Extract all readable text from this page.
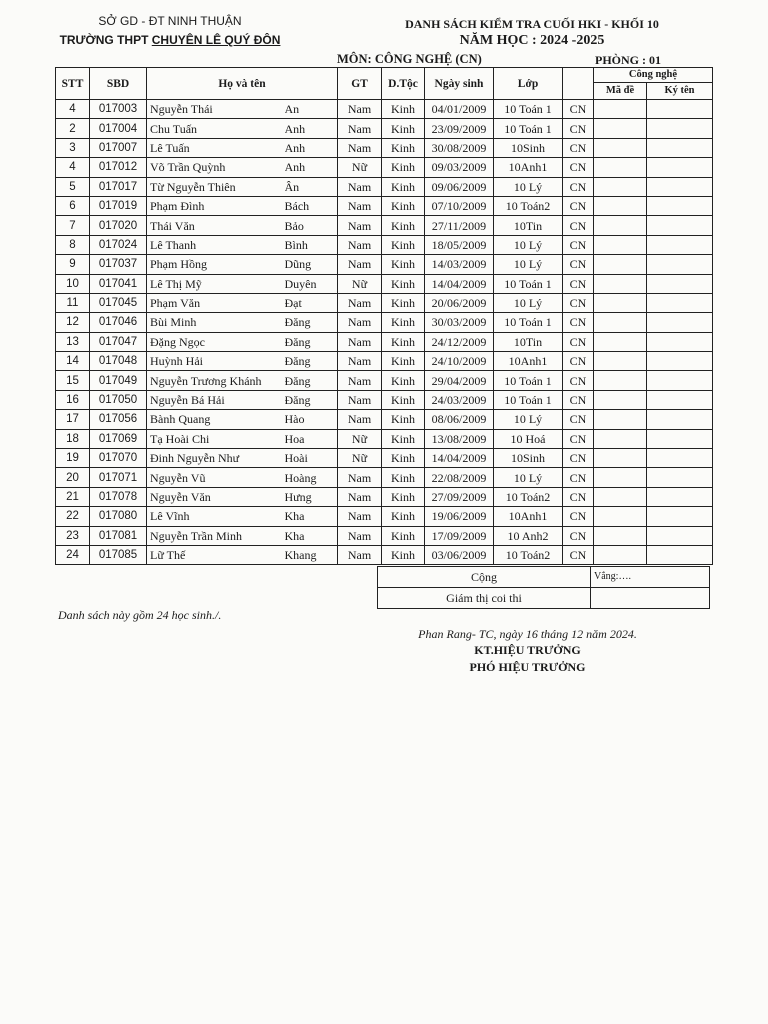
SỞ GD - ĐT NINH THUẬN
TRƯỜNG THPT CHUYÊN LÊ QUÝ ĐÔN
DANH SÁCH KIỂM TRA CUỐI HKI - KHỐI 10
NĂM HỌC : 2024 -2025
MÔN: CÔNG NGHỆ (CN)	PHÒNG : 01
STT	SBD	Họ và tên		GT	D.Tộc	Ngày sinh	Lớp		Công nghệ	
									Mã đề	Ký tên
4	017003	Nguyễn Thái	An	Nam	Kinh	04/01/2009	10 Toán 1	CN		
2	017004	Chu Tuấn	Anh	Nam	Kinh	23/09/2009	10 Toán 1	CN		
3	017007	Lê Tuấn	Anh	Nam	Kinh	30/08/2009	10Sinh	CN		
4	017012	Võ Trần Quỳnh	Anh	Nữ	Kinh	09/03/2009	10Anh1	CN		
5	017017	Từ Nguyễn Thiên	Ân	Nam	Kinh	09/06/2009	10 Lý	CN		
6	017019	Phạm Đình	Bách	Nam	Kinh	07/10/2009	10 Toán2	CN		
7	017020	Thái Văn	Bảo	Nam	Kinh	27/11/2009	10Tin	CN		
8	017024	Lê Thanh	Bình	Nam	Kinh	18/05/2009	10 Lý	CN		
9	017037	Phạm Hồng	Dũng	Nam	Kinh	14/03/2009	10 Lý	CN		
10	017041	Lê Thị Mỹ	Duyên	Nữ	Kinh	14/04/2009	10 Toán 1	CN		
11	017045	Phạm Văn	Đạt	Nam	Kinh	20/06/2009	10 Lý	CN		
12	017046	Bùi Minh	Đăng	Nam	Kinh	30/03/2009	10 Toán 1	CN		
13	017047	Đặng Ngọc	Đăng	Nam	Kinh	24/12/2009	10Tin	CN		
14	017048	Huỳnh Hải	Đăng	Nam	Kinh	24/10/2009	10Anh1	CN		
15	017049	Nguyễn Trương Khánh	Đăng	Nam	Kinh	29/04/2009	10 Toán 1	CN		
16	017050	Nguyễn Bá Hải	Đăng	Nam	Kinh	24/03/2009	10 Toán 1	CN		
17	017056	Bành Quang	Hào	Nam	Kinh	08/06/2009	10 Lý	CN		
18	017069	Tạ Hoài Chi	Hoa	Nữ	Kinh	13/08/2009	10 Hoá	CN		
19	017070	Đinh Nguyễn Như	Hoài	Nữ	Kinh	14/04/2009	10Sinh	CN		
20	017071	Nguyễn Vũ	Hoàng	Nam	Kinh	22/08/2009	10 Lý	CN		
21	017078	Nguyễn Văn	Hưng	Nam	Kinh	27/09/2009	10 Toán2	CN		
22	017080	Lê Vĩnh	Kha	Nam	Kinh	19/06/2009	10Anh1	CN		
23	017081	Nguyễn Trần Minh	Kha	Nam	Kinh	17/09/2009	10 Anh2	CN		
24	017085	Lữ Thế	Khang	Nam	Kinh	03/06/2009	10 Toán2	CN		
Cộng	Vắng:….
Giám thị coi thi	
Danh sách này gồm 24 học sinh./.
Phan Rang- TC, ngày 16 tháng 12 năm 2024.
KT.HIỆU TRƯỞNG
PHÓ HIỆU TRƯỞNG
